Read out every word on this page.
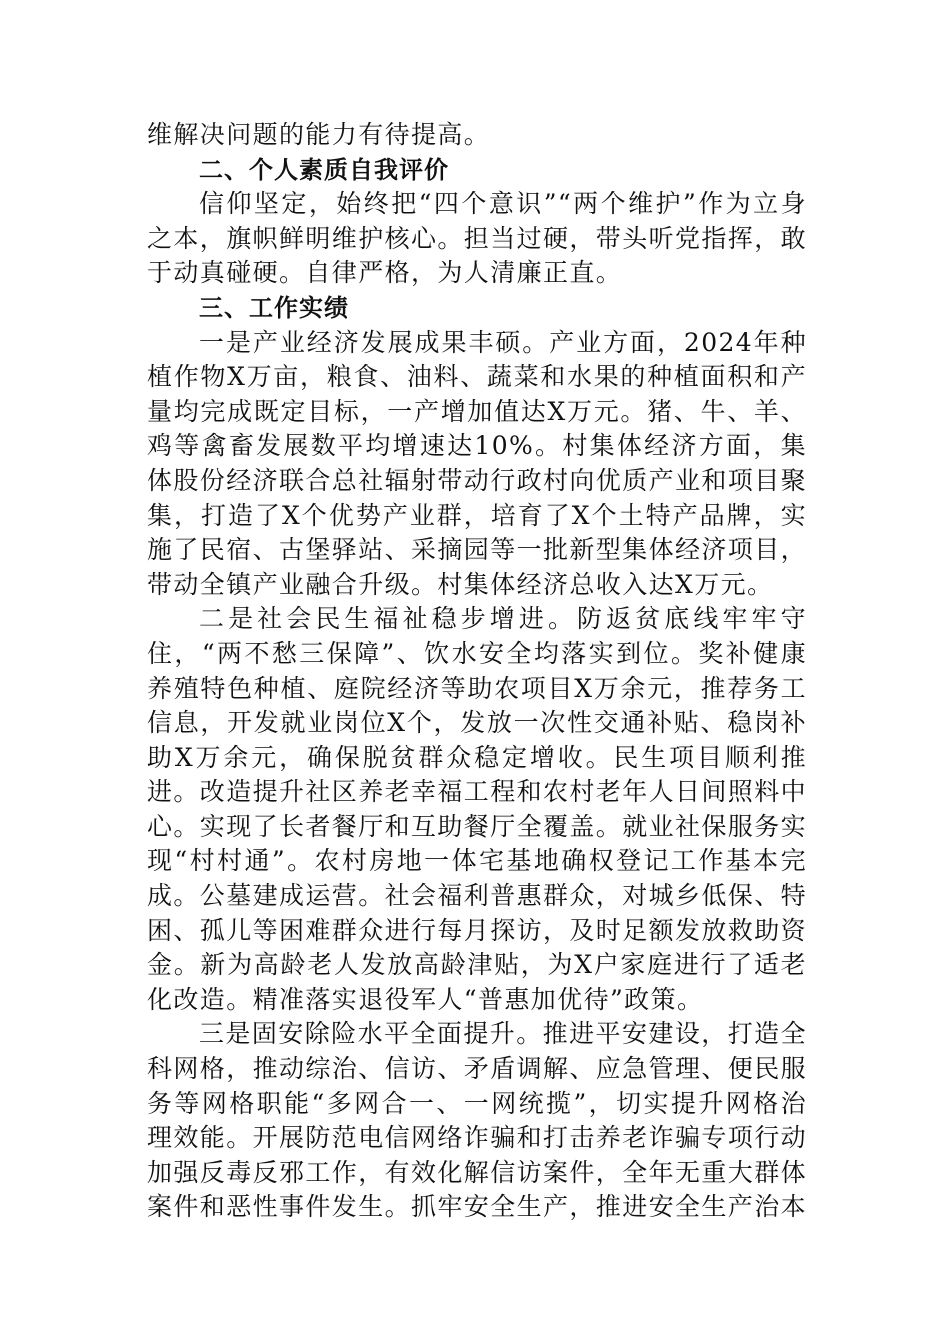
维解决问题的能力有待提高。

二、个人素质自我评价

信仰坚定，始终把“四个意识”“两个维护”作为立身之本，旗帜鲜明维护核心。担当过硬，带头听党指挥，敢于动真碰硬。自律严格，为人清廉正直。

三、工作实绩

一是产业经济发展成果丰硕。产业方面，2024年种植作物X万亩，粮食、油料、蔬菜和水果的种植面积和产量均完成既定目标，一产增加值达X万元。猪、牛、羊、鸡等禽畜发展数平均增速达10%。村集体经济方面，集体股份经济联合总社辐射带动行政村向优质产业和项目聚集，打造了X个优势产业群，培育了X个土特产品牌，实施了民宿、古堡驿站、采摘园等一批新型集体经济项目，带动全镇产业融合升级。村集体经济总收入达X万元。

二是社会民生福祉稳步增进。防返贫底线牢牢守住，“两不愁三保障”、饮水安全均落实到位。奖补健康养殖特色种植、庭院经济等助农项目X万余元，推荐务工信息，开发就业岗位X个，发放一次性交通补贴、稳岗补助X万余元，确保脱贫群众稳定增收。民生项目顺利推进。改造提升社区养老幸福工程和农村老年人日间照料中心。实现了长者餐厅和互助餐厅全覆盖。就业社保服务实现“村村通”。农村房地一体宅基地确权登记工作基本完成。公墓建成运营。社会福利普惠群众，对城乡低保、特困、孤儿等困难群众进行每月探访，及时足额发放救助资金。新为高龄老人发放高龄津贴，为X户家庭进行了适老化改造。精准落实退役军人“普惠加优待”政策。

三是固安除险水平全面提升。推进平安建设，打造全科网格，推动综治、信访、矛盾调解、应急管理、便民服务等网格职能“多网合一、一网统揽”，切实提升网格治理效能。开展防范电信网络诈骗和打击养老诈骗专项行动加强反毒反邪工作，有效化解信访案件，全年无重大群体案件和恶性事件发生。抓牢安全生产，推进安全生产治本
